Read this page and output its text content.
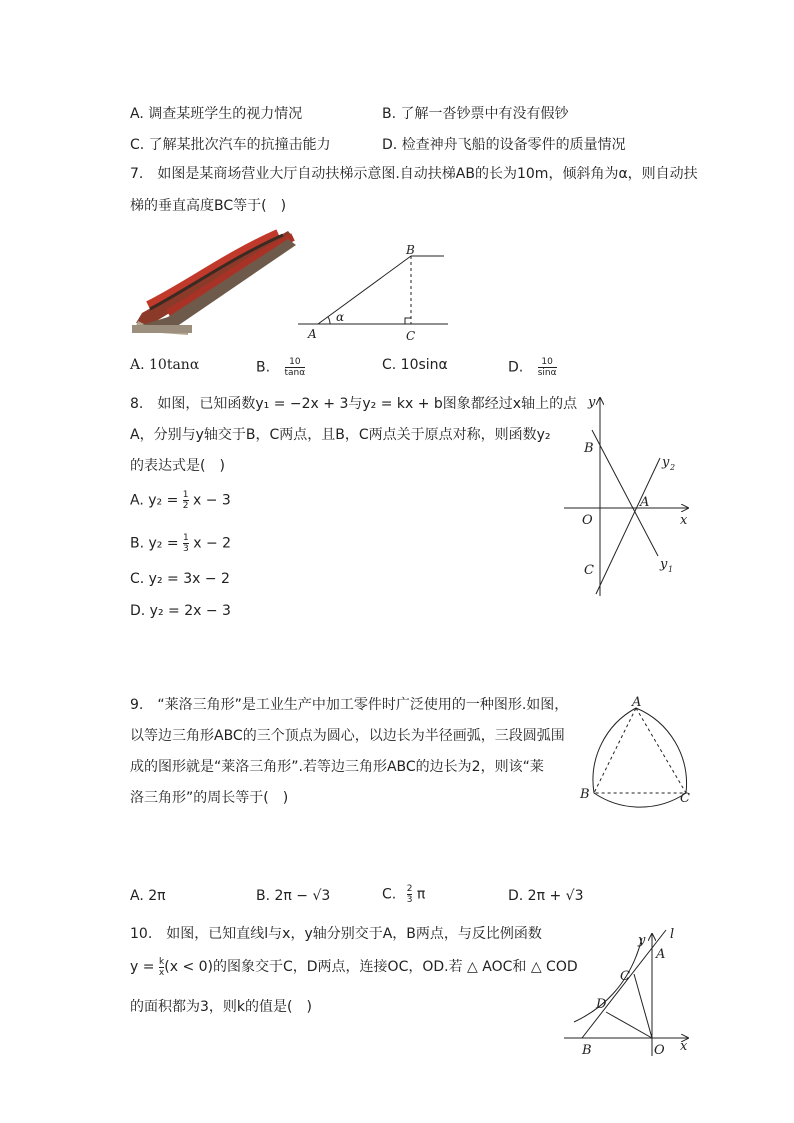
A. 调查某班学生的视力情况	B. 了解一沓钞票中有没有假钞
C. 了解某批次汽车的抗撞击能力	D. 检查神舟飞船的设备零件的质量情况
7.　如图是某商场营业大厅自动扶梯示意图.自动扶梯AB的长为10m，倾斜角为α，则自动扶
梯的垂直高度BC等于(　)
A
B
C
α
A. 10tanα	B. $\frac{10}{\tan\alpha}$	C. 10sinα	D. $\frac{10}{\sin\alpha}$
8.　如图，已知函数y₁ = −2x + 3与y₂ = kx + b图象都经过x轴上的点
A，分别与y轴交于B，C两点，且B，C两点关于原点对称，则函数y₂
的表达式是(　)
A. $y_2 = \frac{1}{2}$ x − 3
B. $y_2 = \frac{1}{3}$ x − 2
C. y₂ = 3x − 2
D. y₂ = 2x − 3
y
x
O
A
B
C	y 1
y 2
9.　“莱洛三角形”是工业生产中加工零件时广泛使用的一种图形.如图，
以等边三角形ABC的三个顶点为圆心，以边长为半径画弧，三段圆弧围
成的图形就是“莱洛三角形”.若等边三角形ABC的边长为2，则该“莱
洛三角形”的周长等于(　)
A
B	C
A. 2π	B. 2π − √3	C. $\frac{2}{3}$ π	D. 2π + √3
10.　如图，已知直线l与x，y轴分别交于A，B两点，与反比例函数
$y = \frac{k}{x} (x < 0)$的图象交于C，D两点，连接OC，OD.若 △ AOC和 △ COD
的面积都为3，则k的值是(　)
y
x
l
A
B
C
D
O
